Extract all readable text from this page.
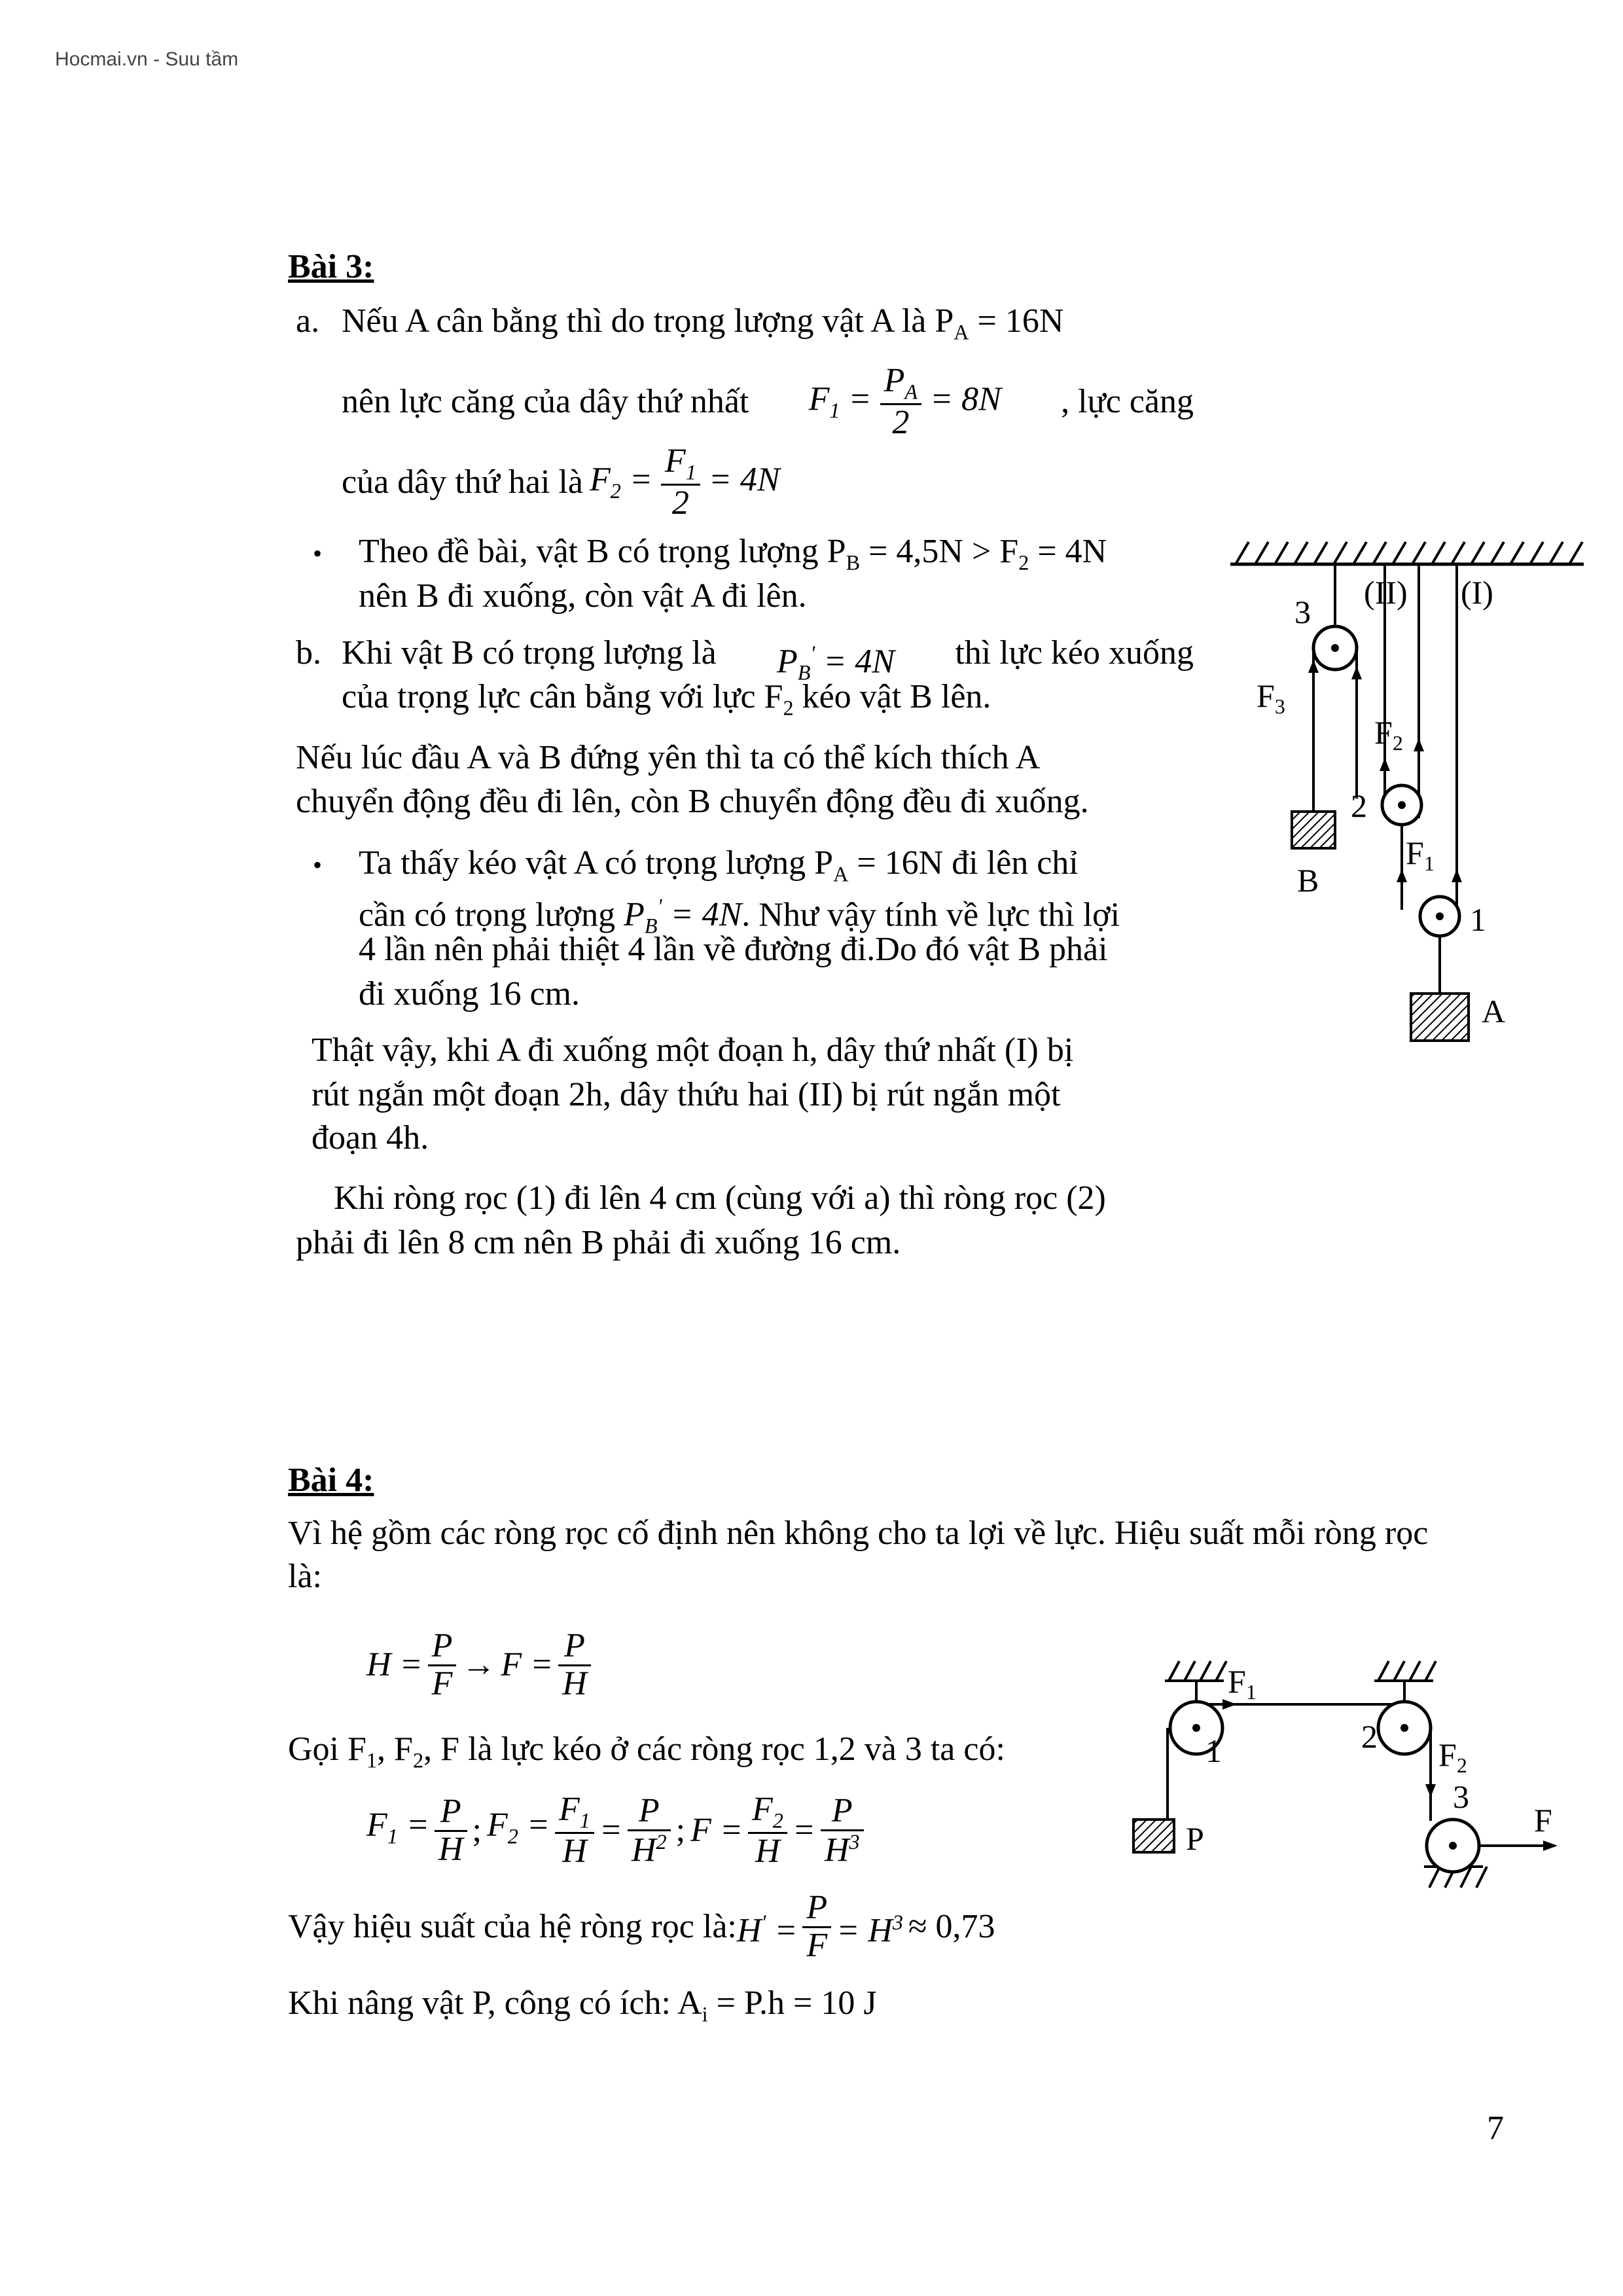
Hocmai.vn - Suu tầm
Bài 3:
a. Nếu A cân bằng thì do trọng lượng vật A là $P_A = 16N$
nên lực căng của dây thứ nhất $F_1 = \frac{P_A}{2} = 8N$ , lực căng
của dây thứ hai là $F_2 = \frac{F_1}{2} = 4N$
• Theo đề bài, vật B có trọng lượng $P_B = 4,5N > F_2 = 4N$
nên B đi xuống, còn vật A đi lên.
b. Khi vật B có trọng lượng là $P_B' = 4N$ thì lực kéo xuống
của trọng lực cân bằng với lực $F_2$ kéo vật B lên.
Nếu lúc đầu A và B đứng yên thì ta có thể kích thích A
chuyển động đều đi lên, còn B chuyển động đều đi xuống.
• Ta thấy kéo vật A có trọng lượng $P_A = 16N$ đi lên chỉ
cần có trọng lượng $P_B' = 4N$. Như vậy tính về lực thì lợi
4 lần nên phải thiệt 4 lần về đường đi.Do đó vật B phải
đi xuống 16 cm.
Thật vậy, khi A đi xuống một đoạn h, dây thứ nhất (I) bị
rút ngắn một đoạn 2h, dây thứu hai (II) bị rút ngắn một
đoạn 4h.
Khi ròng rọc (1) đi lên 4 cm (cùng với a) thì ròng rọc (2)
phải đi lên 8 cm nên B phải đi xuống 16 cm.
3
(II) (I)
$F_3$
$F_2$
2
$F_1$
B
1
A
Bài 4:
Vì hệ gồm các ròng rọc cố định nên không cho ta lợi về lực. Hiệu suất mỗi ròng rọc
là:
$H = \frac{P}{F} \to F = \frac{P}{H}$
Gọi $F_1$, $F_2$, F là lực kéo ở các ròng rọc 1,2 và 3 ta có:
$F_1 = \frac{P}{H}$ ; $F_2 = \frac{F_1}{H} = \frac{P}{H^2}$ ; $F = \frac{F_2}{H} = \frac{P}{H^3}$
Vậy hiệu suất của hệ ròng rọc là: $H' = \frac{P}{F} = H^3 \approx 0,73$
Khi nâng vật P, công có ích: $A_i = P.h = 10$ J
$F_1$
1	2 $F_2$
3
P	F
7
